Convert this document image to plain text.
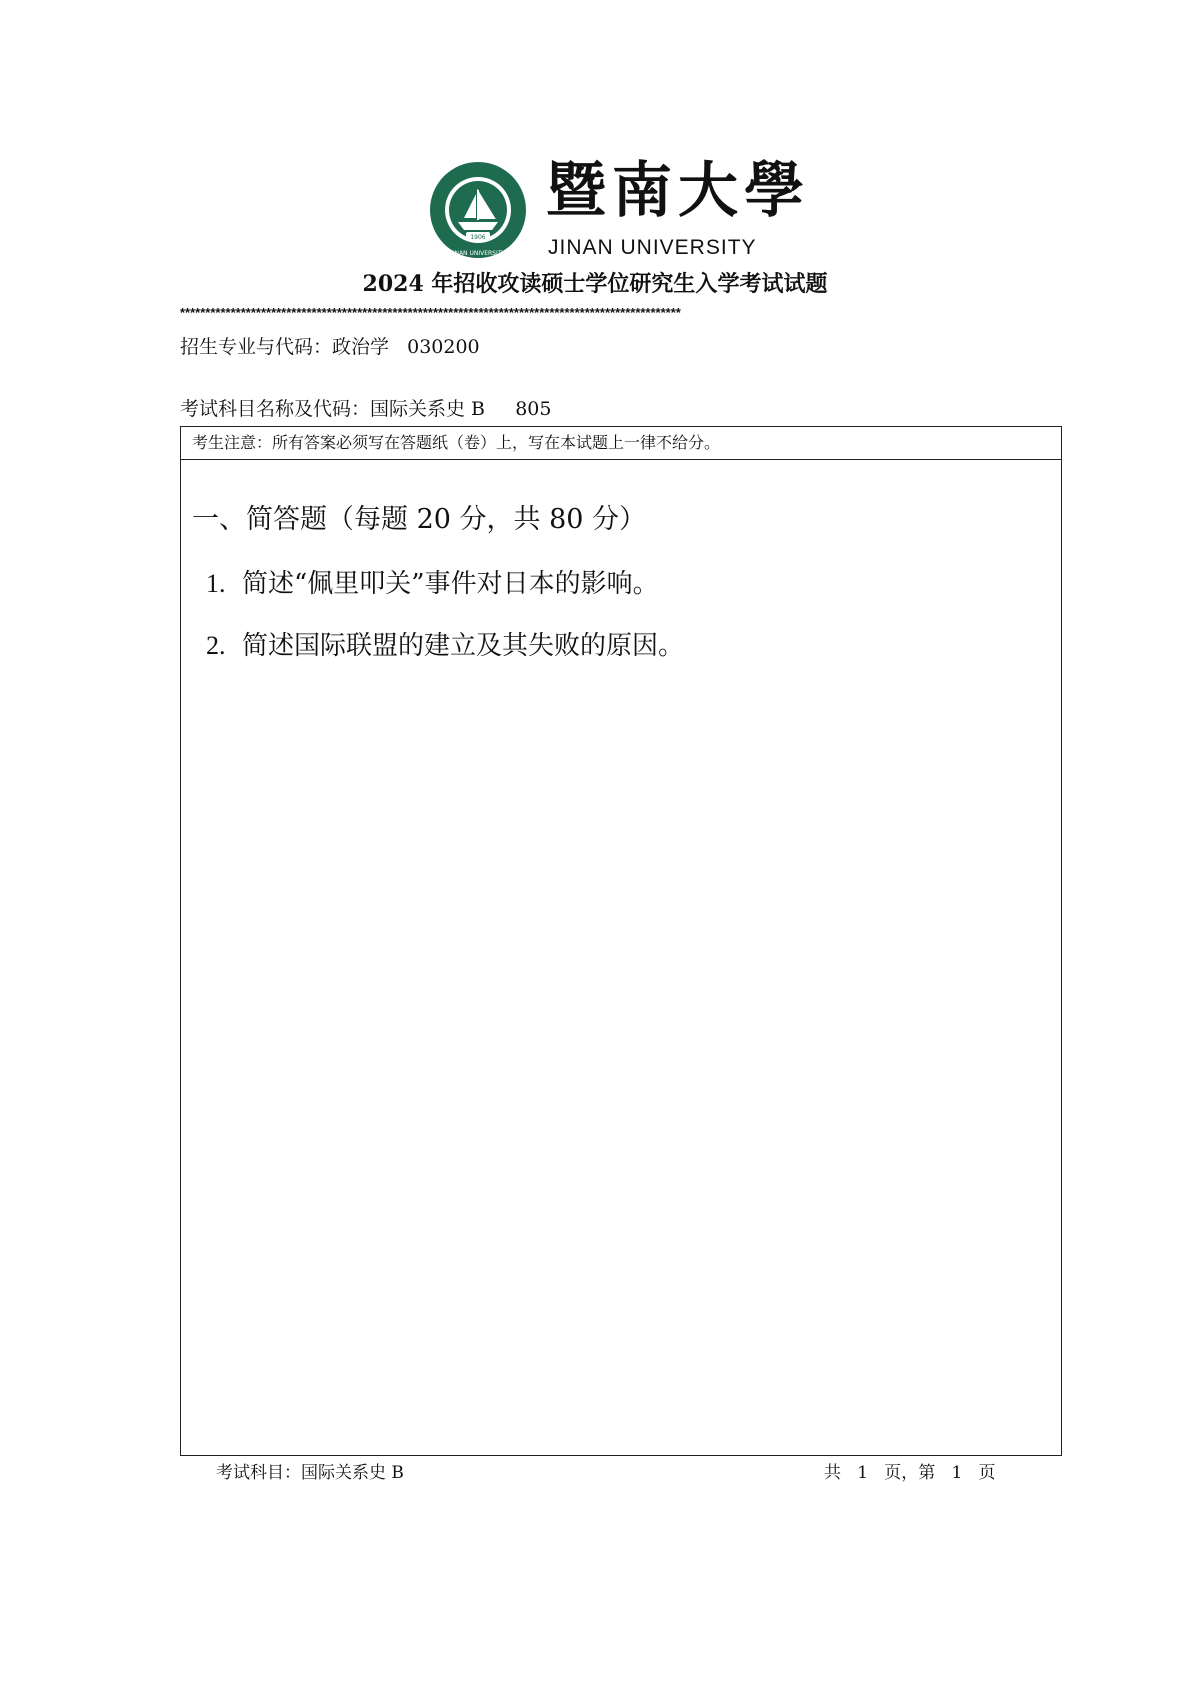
1906
JINAN UNIVERSITY
暨南大學
JINAN UNIVERSITY
2024 年招收攻读硕士学位研究生入学考试试题
***************************************************************************************************
招生专业与代码：政治学   030200
考试科目名称及代码：国际关系史 B     805
考生注意：所有答案必须写在答题纸（卷）上，写在本试题上一律不给分。
一、简答题（每题 20 分，共 80 分）
1. 简述“佩里叩关”事件对日本的影响。
2. 简述国际联盟的建立及其失败的原因。
考试科目：国际关系史 B	共   1   页，第   1   页
